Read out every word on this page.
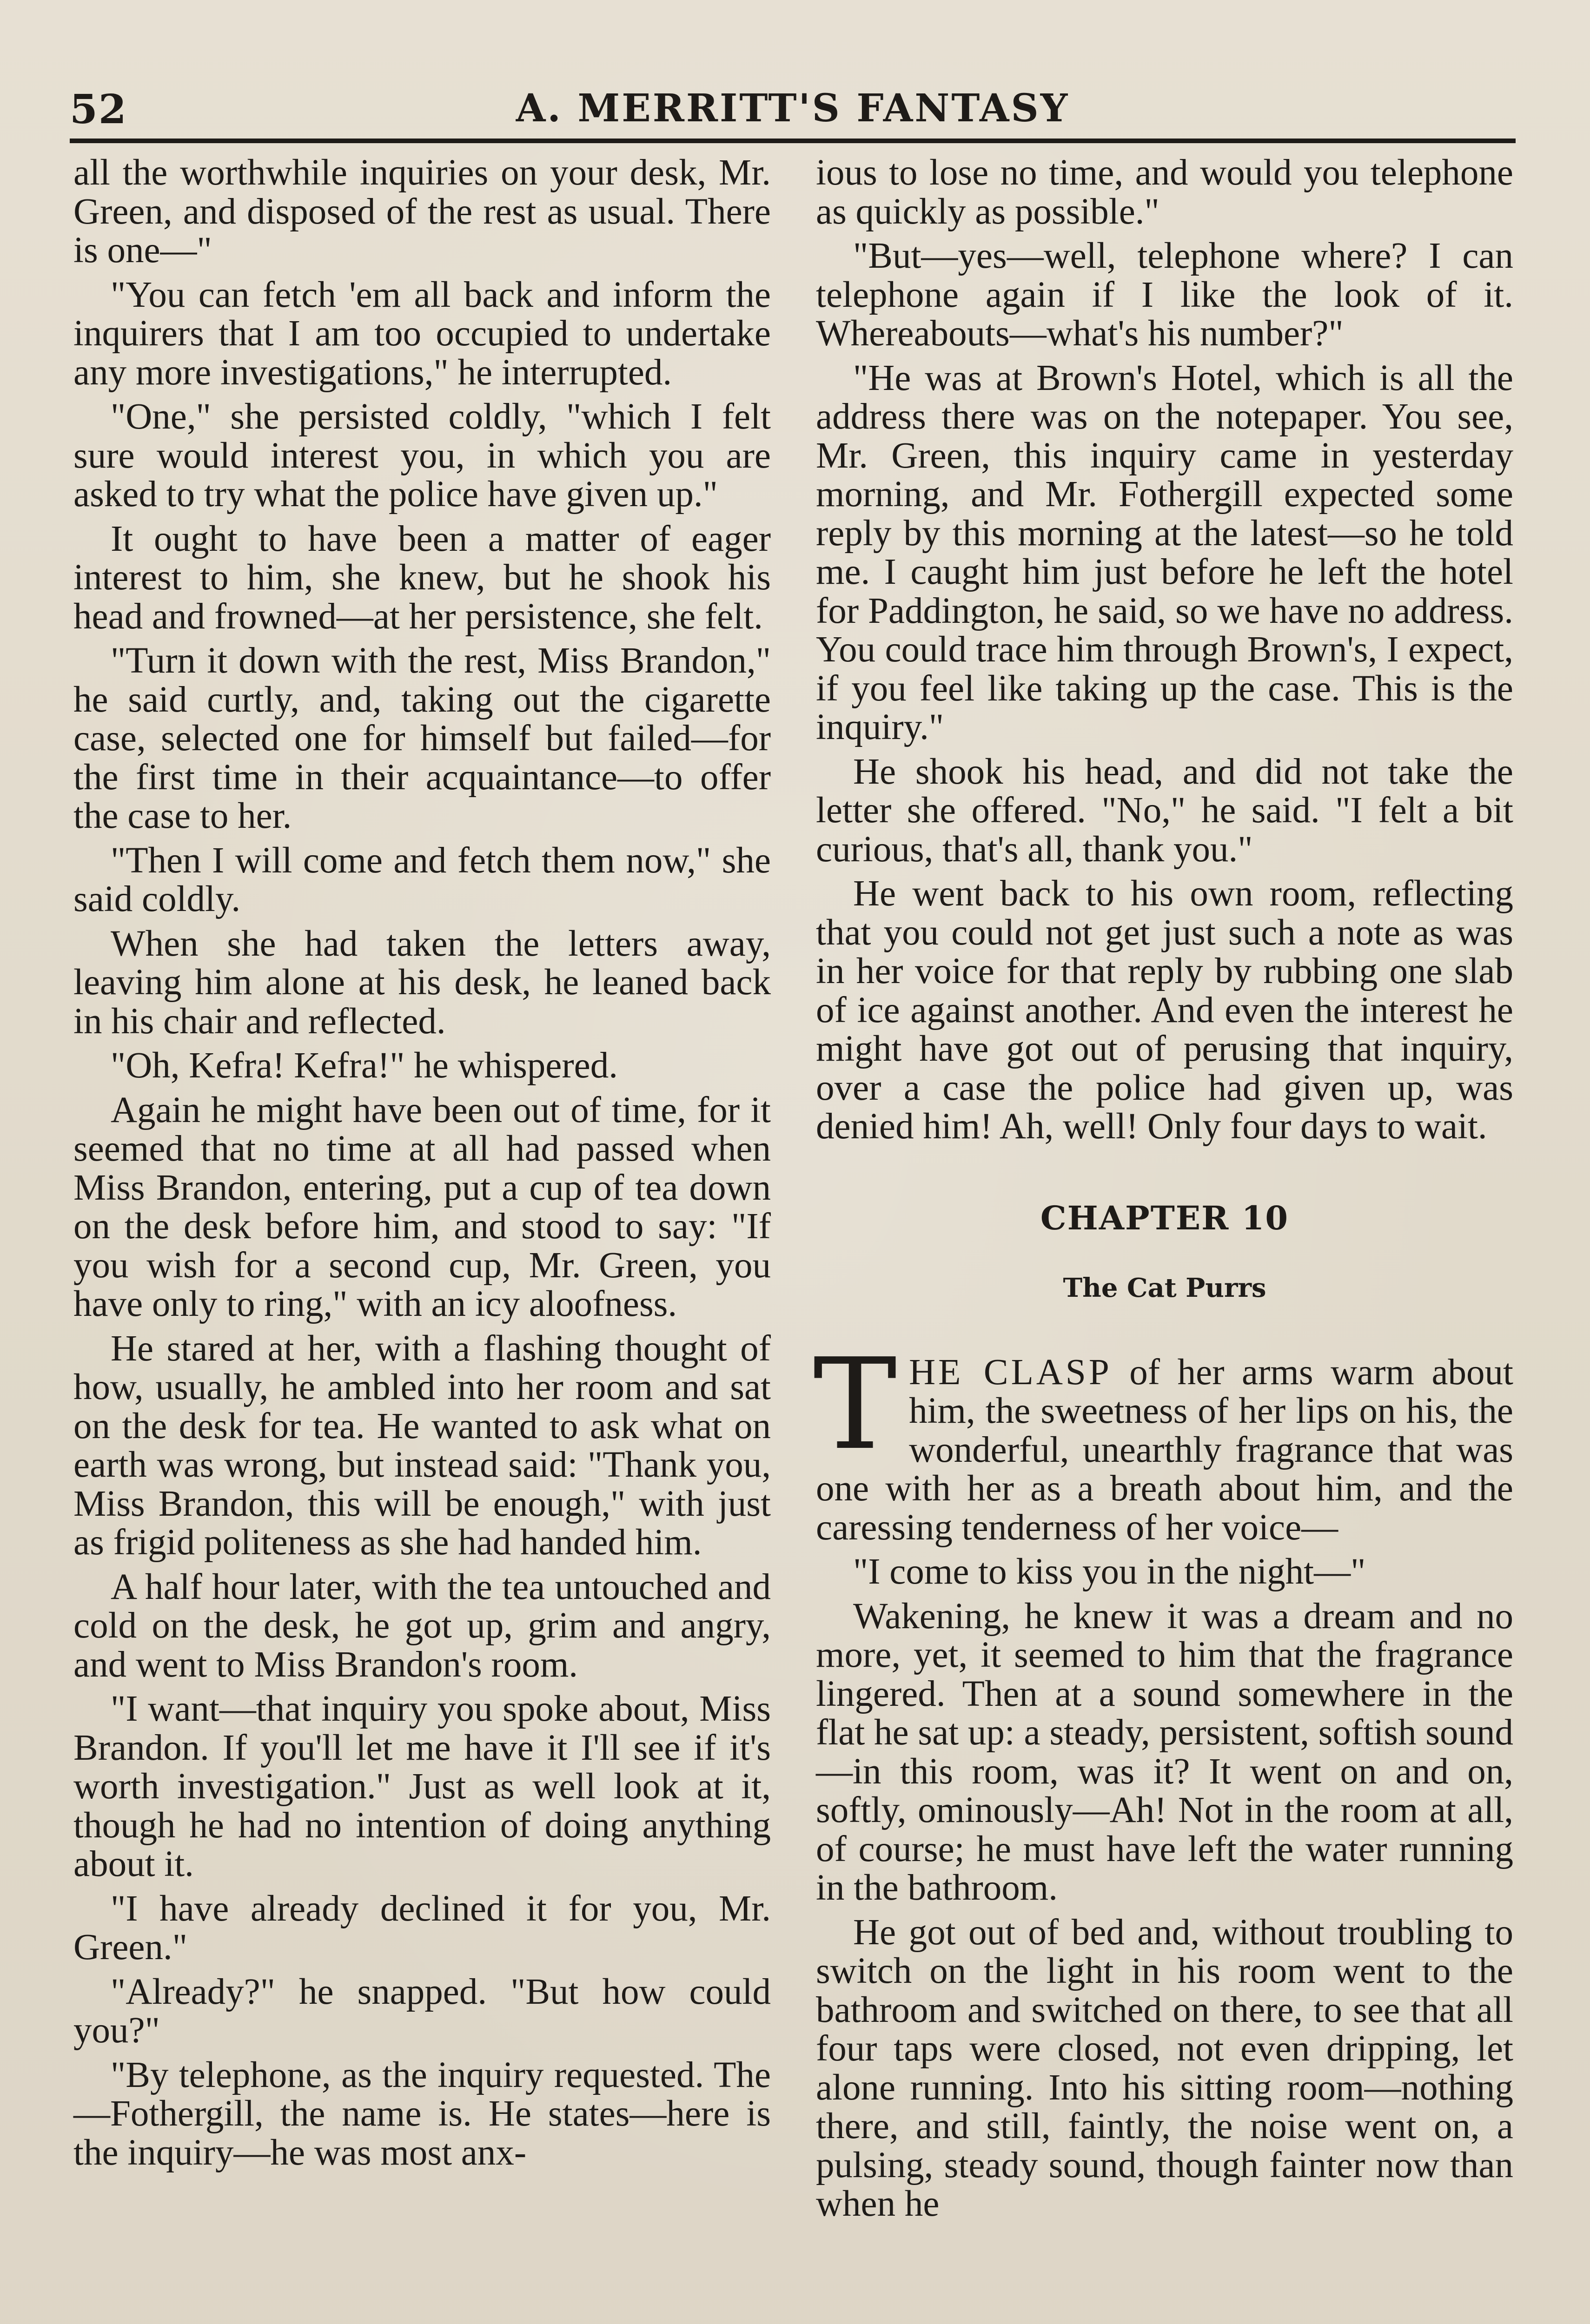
52	A. MERRITT'S FANTASY

all the worthwhile inquiries on your desk, Mr. Green, and disposed of the rest as usual. There is one—"

"You can fetch 'em all back and inform the inquirers that I am too occupied to undertake any more investigations," he interrupted.

"One," she persisted coldly, "which I felt sure would interest you, in which you are asked to try what the police have given up."

It ought to have been a matter of eager interest to him, she knew, but he shook his head and frowned—at her persistence, she felt.

"Turn it down with the rest, Miss Brandon," he said curtly, and, taking out the cigarette case, selected one for himself but failed—for the first time in their acquaintance—to offer the case to her.

"Then I will come and fetch them now," she said coldly.

When she had taken the letters away, leaving him alone at his desk, he leaned back in his chair and reflected.

"Oh, Kefra! Kefra!" he whispered.

Again he might have been out of time, for it seemed that no time at all had passed when Miss Brandon, entering, put a cup of tea down on the desk before him, and stood to say: "If you wish for a second cup, Mr. Green, you have only to ring," with an icy aloofness.

He stared at her, with a flashing thought of how, usually, he ambled into her room and sat on the desk for tea. He wanted to ask what on earth was wrong, but instead said: "Thank you, Miss Brandon, this will be enough," with just as frigid politeness as she had handed him.

A half hour later, with the tea untouched and cold on the desk, he got up, grim and angry, and went to Miss Brandon's room.

"I want—that inquiry you spoke about, Miss Brandon. If you'll let me have it I'll see if it's worth investigation." Just as well look at it, though he had no intention of doing anything about it.

"I have already declined it for you, Mr. Green."

"Already?" he snapped. "But how could you?"

"By telephone, as the inquiry requested. The—Fothergill, the name is. He states—here is the inquiry—he was most anx-

ious to lose no time, and would you telephone as quickly as possible."

"But—yes—well, telephone where? I can telephone again if I like the look of it. Whereabouts—what's his number?"

"He was at Brown's Hotel, which is all the address there was on the notepaper. You see, Mr. Green, this inquiry came in yesterday morning, and Mr. Fothergill expected some reply by this morning at the latest—so he told me. I caught him just before he left the hotel for Paddington, he said, so we have no address. You could trace him through Brown's, I expect, if you feel like taking up the case. This is the inquiry."

He shook his head, and did not take the letter she offered. "No," he said. "I felt a bit curious, that's all, thank you."

He went back to his own room, reflecting that you could not get just such a note as was in her voice for that reply by rubbing one slab of ice against another. And even the interest he might have got out of perusing that inquiry, over a case the police had given up, was denied him! Ah, well! Only four days to wait.

CHAPTER 10
The Cat Purrs

THE CLASP of her arms warm about him, the sweetness of her lips on his, the wonderful, unearthly fragrance that was one with her as a breath about him, and the caressing tenderness of her voice—

"I come to kiss you in the night—"

Wakening, he knew it was a dream and no more, yet, it seemed to him that the fragrance lingered. Then at a sound somewhere in the flat he sat up: a steady, persistent, softish sound—in this room, was it? It went on and on, softly, ominously—Ah! Not in the room at all, of course; he must have left the water running in the bathroom.

He got out of bed and, without troubling to switch on the light in his room went to the bathroom and switched on there, to see that all four taps were closed, not even dripping, let alone running. Into his sitting room—nothing there, and still, faintly, the noise went on, a pulsing, steady sound, though fainter now than when he
